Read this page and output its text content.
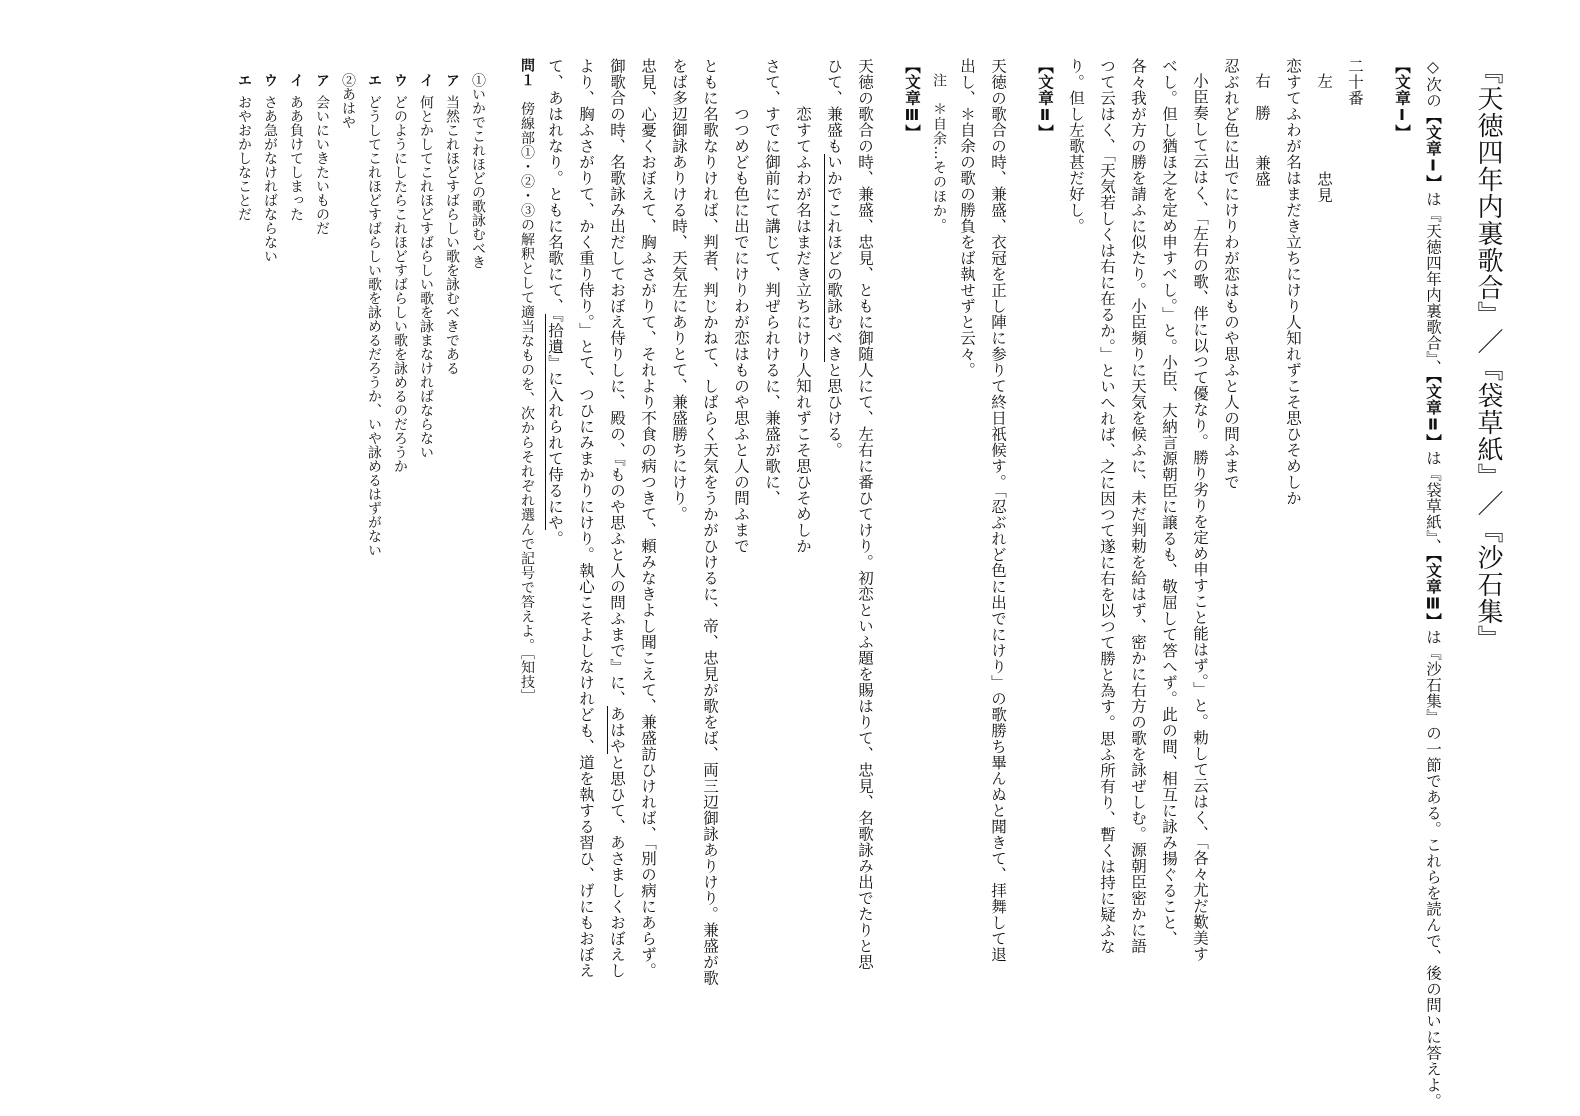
『天徳四年内裏歌合』／『袋草紙』／『沙石集』
◇次の【文章Ⅰ】は『天徳四年内裏歌合』、【文章Ⅱ】は『袋草紙』、【文章Ⅲ】は『沙石集』の一節である。これらを読んで、後の問いに答えよ。
【文章Ⅰ】
二十番
左忠見
恋すてふわが名はまだき立ちにけり人知れずこそ思ひそめしか
右　勝兼盛
忍ぶれど色に出でにけりわが恋はものや思ふと人の問ふまで
小臣奏して云はく、「左右の歌、伴に以つて優なり。勝り劣りを定め申すこと能はず。」と。勅して云はく、「各々尤だ歎美す
べし。但し猶ほ之を定め申すべし。」と。小臣、大納言源朝臣に譲るも、敬屈して答へず。此の間、相互に詠み揚ぐること、
各々我が方の勝を請ふに似たり。小臣頻りに天気を候ふに、未だ判勅を給はず、密かに右方の歌を詠ぜしむ。源朝臣密かに語
つて云はく、「天気若しくは右に在るか。」といへれば、之に因つて遂に右を以つて勝と為す。思ふ所有り、暫くは持に疑ふな
り。但し左歌甚だ好し。
【文章Ⅱ】
天徳の歌合の時、兼盛、衣冠を正し陣に参りて終日祇候す。「忍ぶれど色に出でにけり」の歌勝ち畢んぬと聞きて、拝舞して退
出し、＊自余の歌の勝負をば執せずと云々。
注　＊自余…そのほか。
【文章Ⅲ】
天徳の歌合の時、兼盛、忠見、ともに御随人にて、左右に番ひてけり。初恋といふ題を賜はりて、忠見、名歌詠み出でたりと思
ひて、兼盛もいかでこれほどの歌詠むべきと思ひける。
恋すてふわが名はまだき立ちにけり人知れずこそ思ひそめしか
さて、すでに御前にて講じて、判ぜられけるに、兼盛が歌に、
つつめども色に出でにけりわが恋はものや思ふと人の問ふまで
ともに名歌なりければ、判者、判じかねて、しばらく天気をうかがひけるに、帝、忠見が歌をば、両三辺御詠ありけり。兼盛が歌
をば多辺御詠ありける時、天気左にありとて、兼盛勝ちにけり。
忠見、心憂くおぼえて、胸ふさがりて、それより不食の病つきて、頼みなきよし聞こえて、兼盛訪ひければ、「別の病にあらず。
御歌合の時、名歌詠み出だしておぼえ侍りしに、殿の、『ものや思ふと人の問ふまで』に、あはやと思ひて、あさましくおぼえし
より、胸ふさがりて、かく重り侍り。」とて、つひにみまかりにけり。執心こそよしなけれども、道を執する習ひ、げにもおぼえ
て、あはれなり。ともに名歌にて、『拾遺』に入れられて侍るにや。
問１　傍線部①・②・③の解釈として適当なものを、次からそれぞれ選んで記号で答えよ。［知技］
①いかでこれほどの歌詠むべき
ア当然これほどすばらしい歌を詠むべきである
イ何とかしてこれほどすばらしい歌を詠まなければならない
ウどのようにしたらこれほどすばらしい歌を詠めるのだろうか
エどうしてこれほどすばらしい歌を詠めるだろうか、いや詠めるはずがない
②あはや
ア会いにいきたいものだ
イああ負けてしまった
ウさあ急がなければならない
エおやおかしなことだ
